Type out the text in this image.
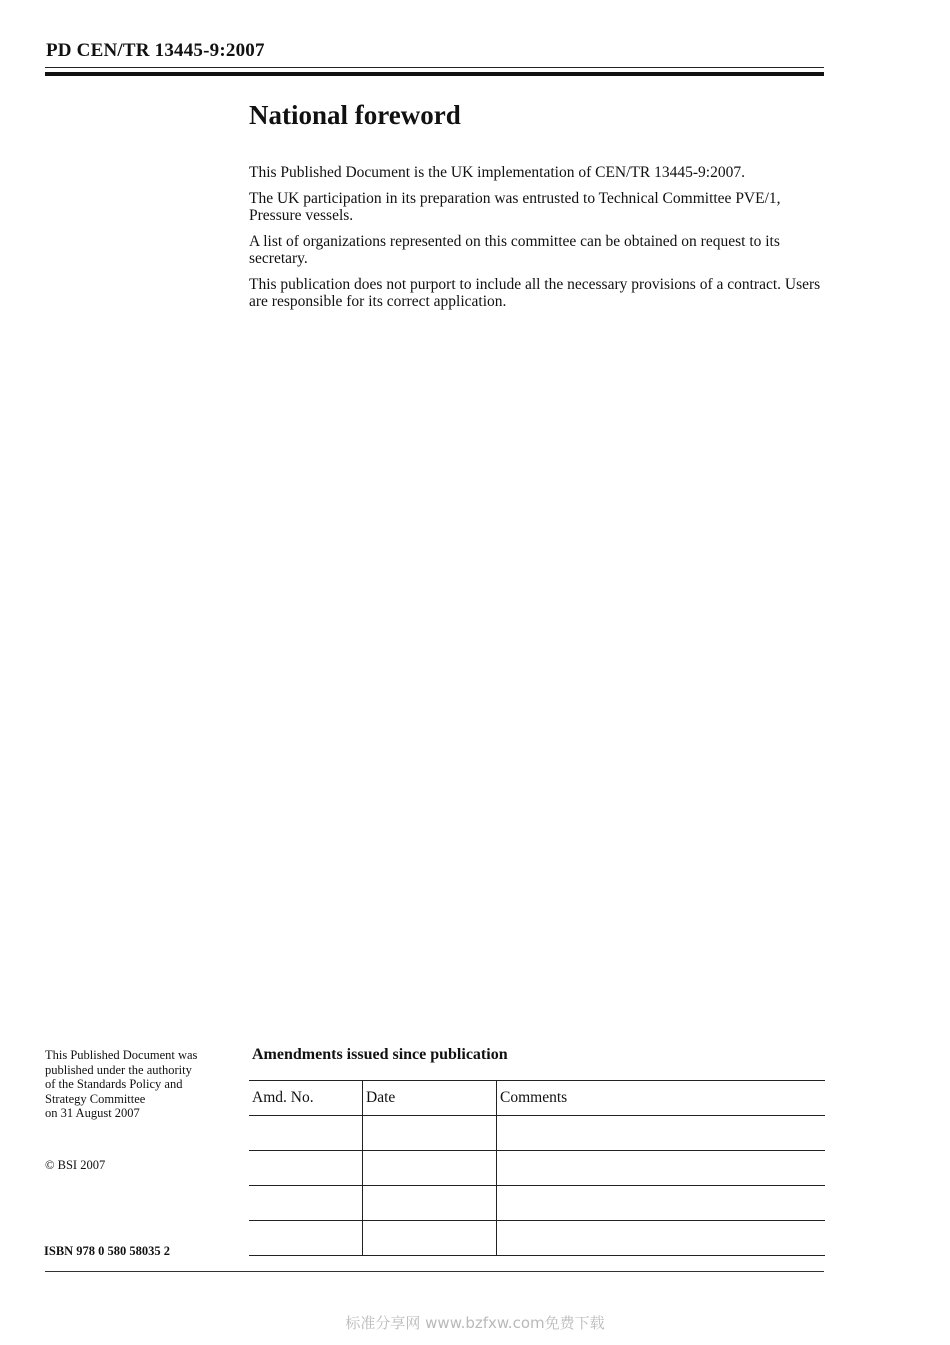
PD CEN/TR 13445-9:2007
National foreword

This Published Document is the UK implementation of CEN/TR 13445-9:2007.

The UK participation in its preparation was entrusted to Technical Committee PVE/1, Pressure vessels.

A list of organizations represented on this committee can be obtained on request to its secretary.

This publication does not purport to include all the necessary provisions of a contract. Users are responsible for its correct application.

This Published Document was
published under the authority
of the Standards Policy and
Strategy Committee
on 31 August 2007
© BSI 2007
ISBN 978 0 580 58035 2
Amendments issued since publication
Amd. No.	Date	Comments

标准分享网 www.bzfxw.com免费下载
